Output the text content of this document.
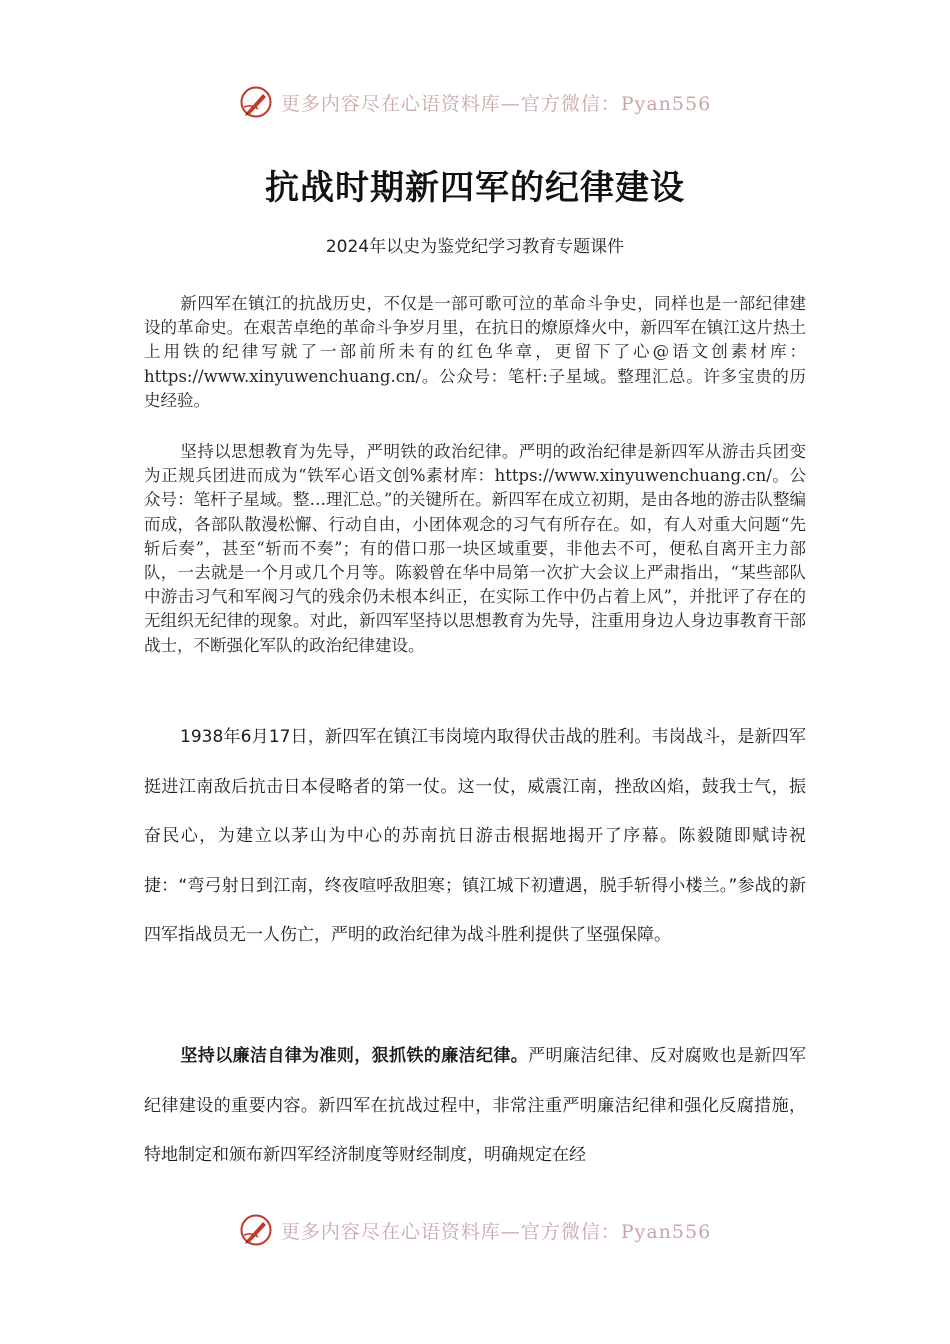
更多内容尽在心语资料库—官方微信：Pyan556
抗战时期新四军的纪律建设

2024年以史为鉴党纪学习教育专题课件

新四军在镇江的抗战历史，不仅是一部可歌可泣的革命斗争史，同样也是一部纪律建设的革命史。在艰苦卓绝的革命斗争岁月里，在抗日的燎原烽火中，新四军在镇江这片热土上用铁的纪律写就了一部前所未有的红色华章，更留下了心@语文创素材库：https://www.xinyuwenchuang.cn/。公众号：笔杆:子星域。整理汇总。许多宝贵的历史经验。

坚持以思想教育为先导，严明铁的政治纪律。严明的政治纪律是新四军从游击兵团变为正规兵团进而成为“铁军心语文创%素材库：https://www.xinyuwenchuang.cn/。公众号：笔杆子星域。整…理汇总。”的关键所在。新四军在成立初期，是由各地的游击队整编而成，各部队散漫松懈、行动自由，小团体观念的习气有所存在。如，有人对重大问题“先斩后奏”，甚至“斩而不奏”；有的借口那一块区域重要，非他去不可，便私自离开主力部队，一去就是一个月或几个月等。陈毅曾在华中局第一次扩大会议上严肃指出，“某些部队中游击习气和军阀习气的残余仍未根本纠正，在实际工作中仍占着上风”，并批评了存在的无组织无纪律的现象。对此，新四军坚持以思想教育为先导，注重用身边人身边事教育干部战士，不断强化军队的政治纪律建设。

1938年6月17日，新四军在镇江韦岗境内取得伏击战的胜利。韦岗战斗，是新四军挺进江南敌后抗击日本侵略者的第一仗。这一仗，威震江南，挫敌凶焰，鼓我士气，振奋民心，为建立以茅山为中心的苏南抗日游击根据地揭开了序幕。陈毅随即赋诗祝捷：“弯弓射日到江南，终夜喧呼敌胆寒；镇江城下初遭遇，脱手斩得小楼兰。”参战的新四军指战员无一人伤亡，严明的政治纪律为战斗胜利提供了坚强保障。

坚持以廉洁自律为准则，狠抓铁的廉洁纪律。严明廉洁纪律、反对腐败也是新四军纪律建设的重要内容。新四军在抗战过程中，非常注重严明廉洁纪律和强化反腐措施，特地制定和颁布新四军经济制度等财经制度，明确规定在经

更多内容尽在心语资料库—官方微信：Pyan556
